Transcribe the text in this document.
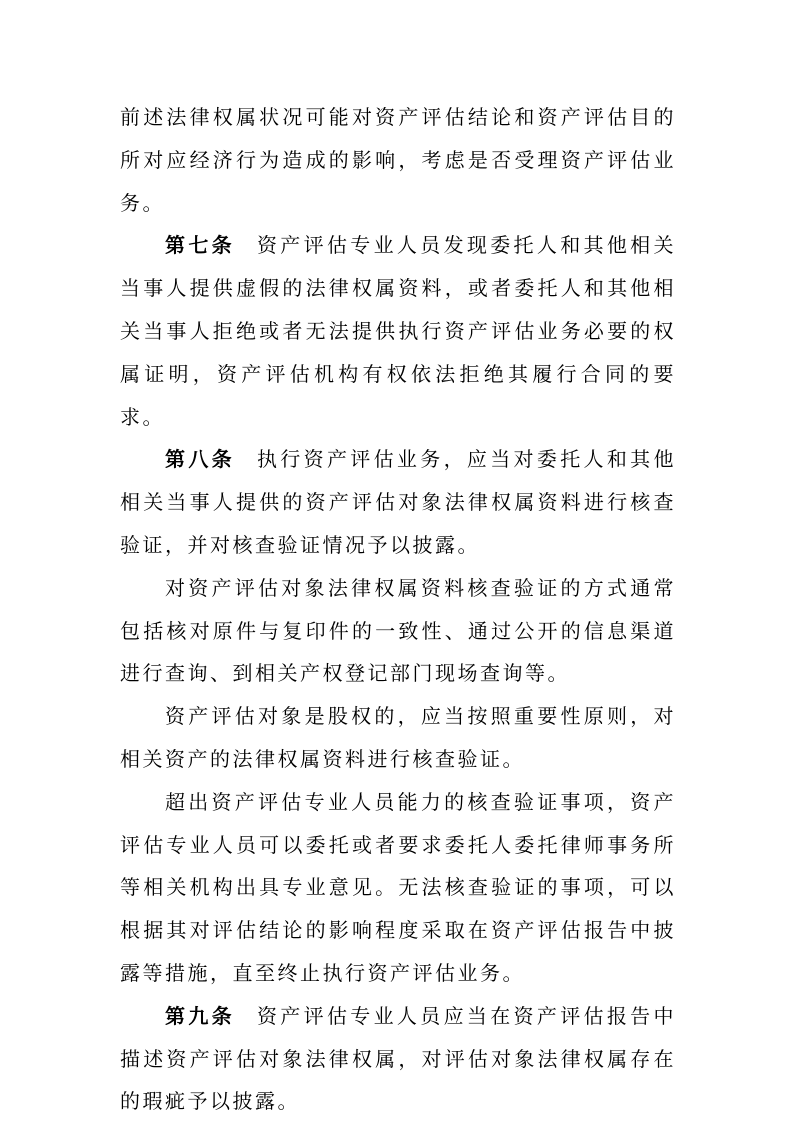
前述法律权属状况可能对资产评估结论和资产评估目的所对应经济行为造成的影响，考虑是否受理资产评估业务。

第七条 资产评估专业人员发现委托人和其他相关当事人提供虚假的法律权属资料，或者委托人和其他相关当事人拒绝或者无法提供执行资产评估业务必要的权属证明，资产评估机构有权依法拒绝其履行合同的要求。

第八条 执行资产评估业务，应当对委托人和其他相关当事人提供的资产评估对象法律权属资料进行核查验证，并对核查验证情况予以披露。

对资产评估对象法律权属资料核查验证的方式通常包括核对原件与复印件的一致性、通过公开的信息渠道进行查询、到相关产权登记部门现场查询等。

资产评估对象是股权的，应当按照重要性原则，对相关资产的法律权属资料进行核查验证。

超出资产评估专业人员能力的核查验证事项，资产评估专业人员可以委托或者要求委托人委托律师事务所等相关机构出具专业意见。无法核查验证的事项，可以根据其对评估结论的影响程度采取在资产评估报告中披露等措施，直至终止执行资产评估业务。

第九条 资产评估专业人员应当在资产评估报告中描述资产评估对象法律权属，对评估对象法律权属存在的瑕疵予以披露。
